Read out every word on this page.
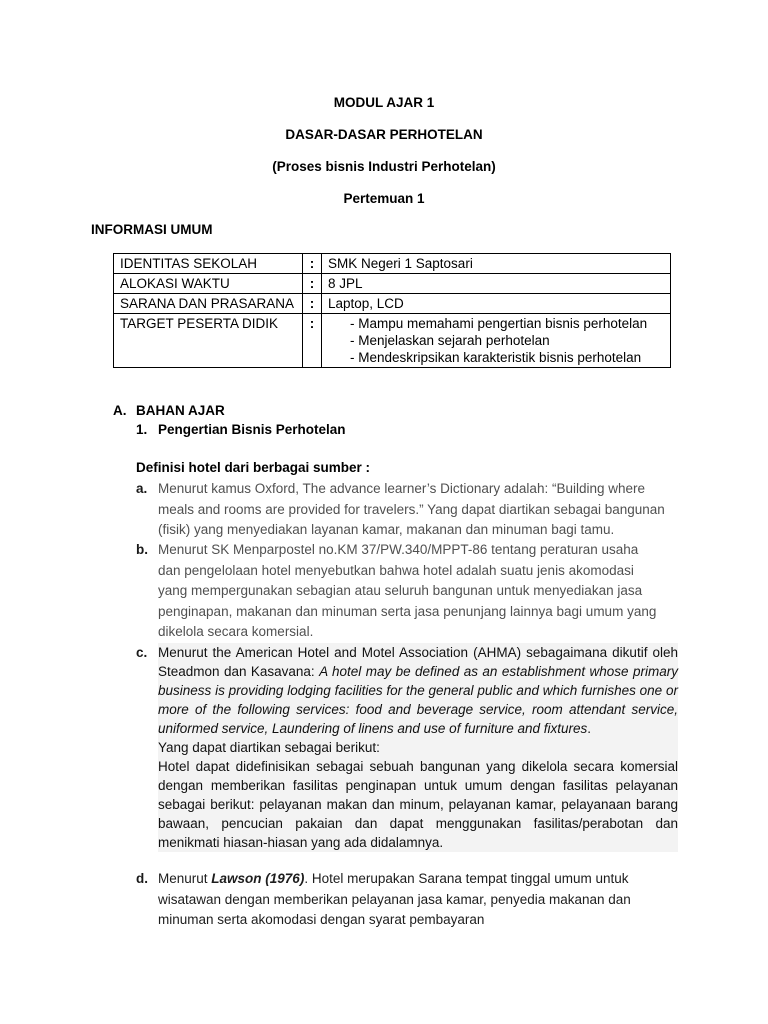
MODUL AJAR 1
DASAR-DASAR PERHOTELAN
(Proses bisnis Industri Perhotelan)
Pertemuan 1
INFORMASI UMUM
IDENTITAS SEKOLAH	:	SMK Negeri 1 Saptosari
ALOKASI WAKTU	:	8 JPL
SARANA DAN PRASARANA	:	Laptop, LCD
TARGET PESERTA DIDIK	:	- Mampu memahami pengertian bisnis perhotelan
- Menjelaskan sejarah perhotelan
- Mendeskripsikan karakteristik bisnis perhotelan
A. BAHAN AJAR
1. Pengertian Bisnis Perhotelan
Definisi hotel dari berbagai sumber :
a. Menurut kamus Oxford, The advance learner’s Dictionary adalah: “Building where
meals and rooms are provided for travelers.” Yang dapat diartikan sebagai bangunan
(fisik) yang menyediakan layanan kamar, makanan dan minuman bagi tamu.
b. Menurut SK Menparpostel no.KM 37/PW.340/MPPT-86 tentang peraturan usaha
dan pengelolaan hotel menyebutkan bahwa hotel adalah suatu jenis akomodasi
yang mempergunakan sebagian atau seluruh bangunan untuk menyediakan jasa
penginapan, makanan dan minuman serta jasa penunjang lainnya bagi umum yang
dikelola secara komersial.
c. Menurut the American Hotel and Motel Association (AHMA) sebagaimana dikutif oleh Steadmon dan Kasavana: A hotel may be defined as an establishment whose primary business is providing lodging facilities for the general public and which furnishes one or more of the following services: food and beverage service, room attendant service, uniformed service, Laundering of linens and use of furniture and fixtures.
Yang dapat diartikan sebagai berikut:
Hotel dapat didefinisikan sebagai sebuah bangunan yang dikelola secara komersial dengan memberikan fasilitas penginapan untuk umum dengan fasilitas pelayanan sebagai berikut: pelayanan makan dan minum, pelayanan kamar, pelayanaan barang bawaan, pencucian pakaian dan dapat menggunakan fasilitas/perabotan dan menikmati hiasan-hiasan yang ada didalamnya.
d. Menurut Lawson (1976). Hotel merupakan Sarana tempat tinggal umum untuk
wisatawan dengan memberikan pelayanan jasa kamar, penyedia makanan dan
minuman serta akomodasi dengan syarat pembayaran
